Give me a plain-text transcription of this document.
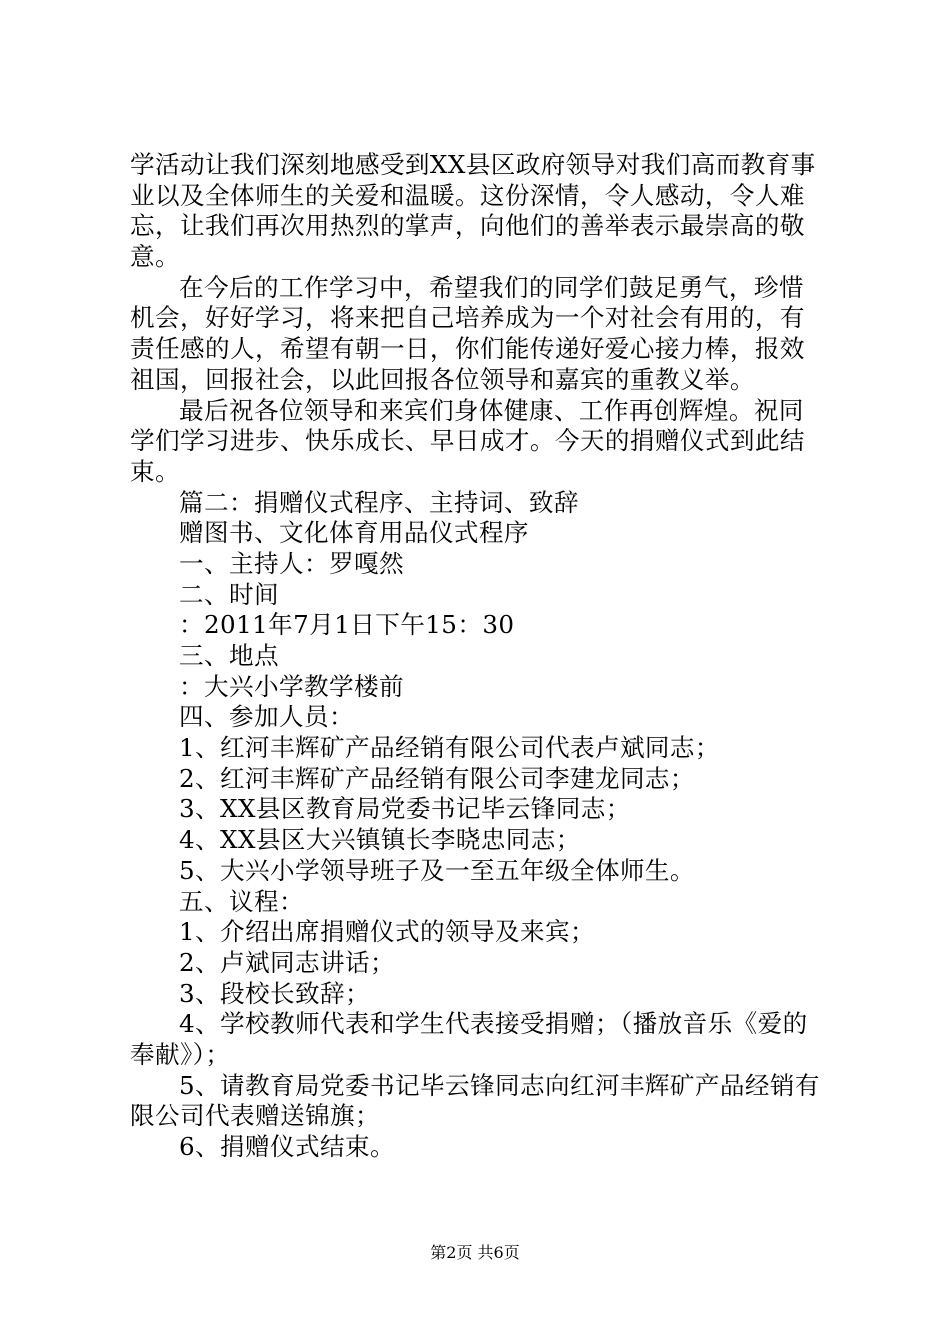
学活动让我们深刻地感受到XX县区政府领导对我们高而教育事
业以及全体师生的关爱和温暖。这份深情，令人感动，令人难
忘，让我们再次用热烈的掌声，向他们的善举表示最崇高的敬
意。
在今后的工作学习中，希望我们的同学们鼓足勇气，珍惜
机会，好好学习，将来把自己培养成为一个对社会有用的，有
责任感的人，希望有朝一日，你们能传递好爱心接力棒，报效
祖国，回报社会，以此回报各位领导和嘉宾的重教义举。
最后祝各位领导和来宾们身体健康、工作再创辉煌。祝同
学们学习进步、快乐成长、早日成才。今天的捐赠仪式到此结
束。
篇二：捐赠仪式程序、主持词、致辞
赠图书、文化体育用品仪式程序
一、主持人：罗嘎然
二、时间
：2011年7月1日下午15：30
三、地点
：大兴小学教学楼前
四、参加人员：
1、红河丰辉矿产品经销有限公司代表卢斌同志；
2、红河丰辉矿产品经销有限公司李建龙同志；
3、XX县区教育局党委书记毕云锋同志；
4、XX县区大兴镇镇长李晓忠同志；
5、大兴小学领导班子及一至五年级全体师生。
五、议程：
1、介绍出席捐赠仪式的领导及来宾；
2、卢斌同志讲话；
3、段校长致辞；
4、学校教师代表和学生代表接受捐赠；（播放音乐《爱的
奉献》）；
5、请教育局党委书记毕云锋同志向红河丰辉矿产品经销有
限公司代表赠送锦旗；
6、捐赠仪式结束。
第2页 共6页
